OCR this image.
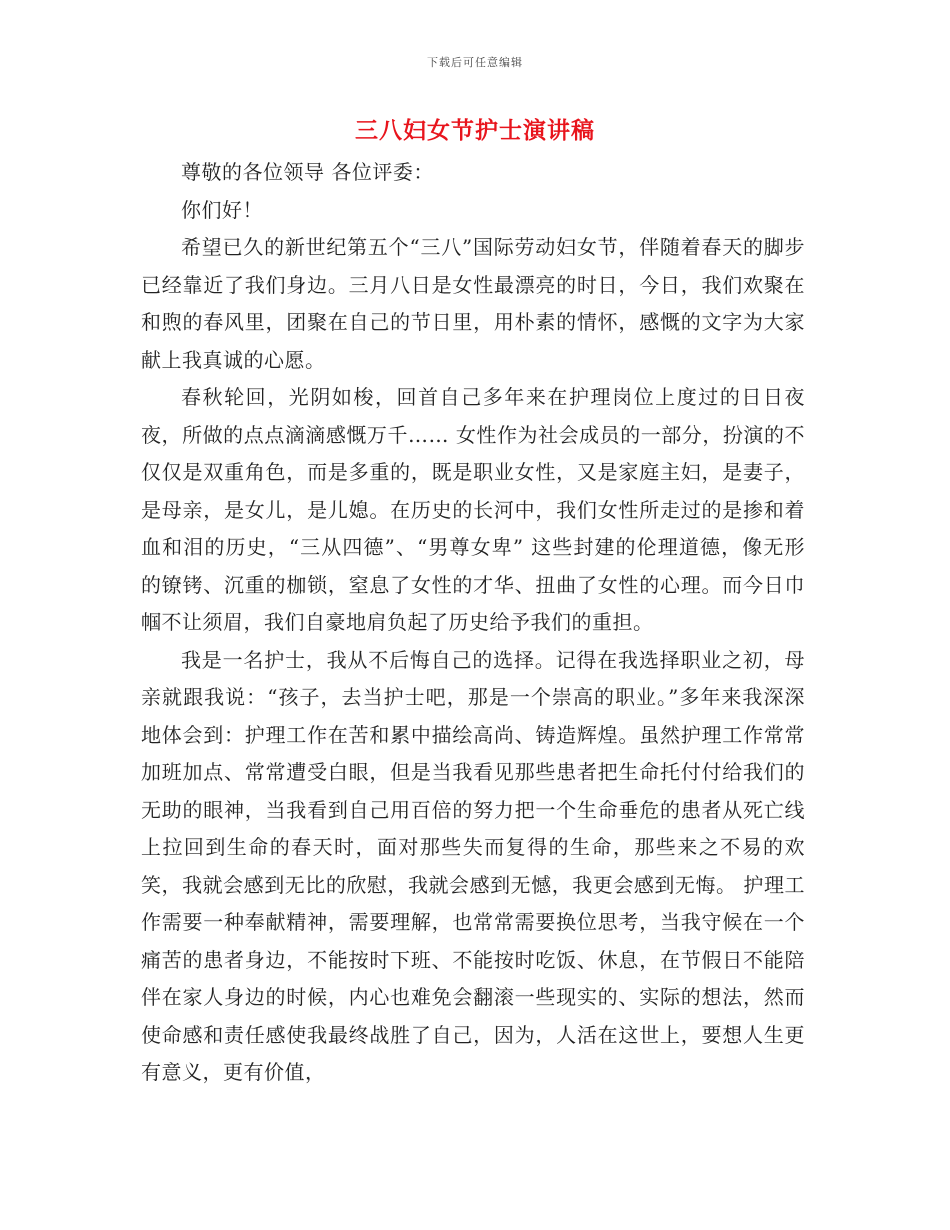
下载后可任意编辑
三八妇女节护士演讲稿

尊敬的各位领导 各位评委：

你们好！

希望已久的新世纪第五个“三八”国际劳动妇女节，伴随着春天的脚步已经靠近了我们身边。三月八日是女性最漂亮的时日，今日，我们欢聚在和煦的春风里，团聚在自己的节日里，用朴素的情怀，感慨的文字为大家献上我真诚的心愿。

春秋轮回，光阴如梭，回首自己多年来在护理岗位上度过的日日夜夜，所做的点点滴滴感慨万千…… 女性作为社会成员的一部分，扮演的不仅仅是双重角色，而是多重的，既是职业女性，又是家庭主妇，是妻子，是母亲，是女儿，是儿媳。在历史的长河中，我们女性所走过的是掺和着血和泪的历史，“三从四德”、“男尊女卑” 这些封建的伦理道德，像无形的镣铐、沉重的枷锁，窒息了女性的才华、扭曲了女性的心理。而今日巾帼不让须眉，我们自豪地肩负起了历史给予我们的重担。

我是一名护士，我从不后悔自己的选择。记得在我选择职业之初，母亲就跟我说：“孩子，去当护士吧，那是一个崇高的职业。”多年来我深深地体会到：护理工作在苦和累中描绘高尚、铸造辉煌。虽然护理工作常常加班加点、常常遭受白眼，但是当我看见那些患者把生命托付付给我们的无助的眼神，当我看到自己用百倍的努力把一个生命垂危的患者从死亡线上拉回到生命的春天时，面对那些失而复得的生命，那些来之不易的欢笑，我就会感到无比的欣慰，我就会感到无憾，我更会感到无悔。 护理工作需要一种奉献精神，需要理解，也常常需要换位思考，当我守候在一个痛苦的患者身边，不能按时下班、不能按时吃饭、休息，在节假日不能陪伴在家人身边的时候，内心也难免会翻滚一些现实的、实际的想法，然而使命感和责任感使我最终战胜了自己，因为，人活在这世上，要想人生更有意义，更有价值，
